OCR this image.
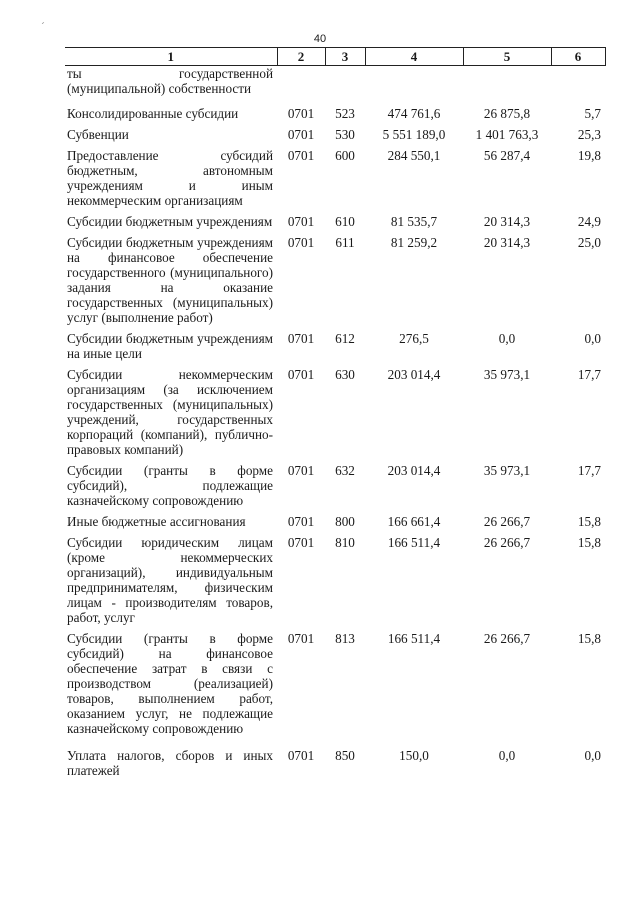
40
ˊ
1	2	3	4	5	6
ты государственной (муниципальной) собственности					
Консолидированные субсидии	0701	523	474 761,6	26 875,8	5,7
Субвенции	0701	530	5 551 189,0	1 401 763,3	25,3
Предоставление субсидий бюджетным, автономным учреждениям и иным некоммерческим организациям	0701	600	284 550,1	56 287,4	19,8
Субсидии бюджетным учреждениям	0701	610	81 535,7	20 314,3	24,9
Субсидии бюджетным учреждениям на финансовое обеспечение государственного (муниципального) задания на оказание государственных (муниципальных) услуг (выполнение работ)	0701	611	81 259,2	20 314,3	25,0
Субсидии бюджетным учреждениям на иные цели	0701	612	276,5	0,0	0,0
Субсидии некоммерческим организациям (за исключением государственных (муниципальных) учреждений, государственных корпораций (компаний), публично-правовых компаний)	0701	630	203 014,4	35 973,1	17,7
Субсидии (гранты в форме субсидий), подлежащие казначейскому сопровождению	0701	632	203 014,4	35 973,1	17,7
Иные бюджетные ассигнования	0701	800	166 661,4	26 266,7	15,8
Субсидии юридическим лицам (кроме некоммерческих организаций), индивидуальным предпринимателям, физическим лицам - производителям товаров, работ, услуг	0701	810	166 511,4	26 266,7	15,8
Субсидии (гранты в форме субсидий) на финансовое обеспечение затрат в связи с производством (реализацией) товаров, выполнением работ, оказанием услуг, не подлежащие казначейскому сопровождению	0701	813	166 511,4	26 266,7	15,8
Уплата налогов, сборов и иных платежей	0701	850	150,0	0,0	0,0
